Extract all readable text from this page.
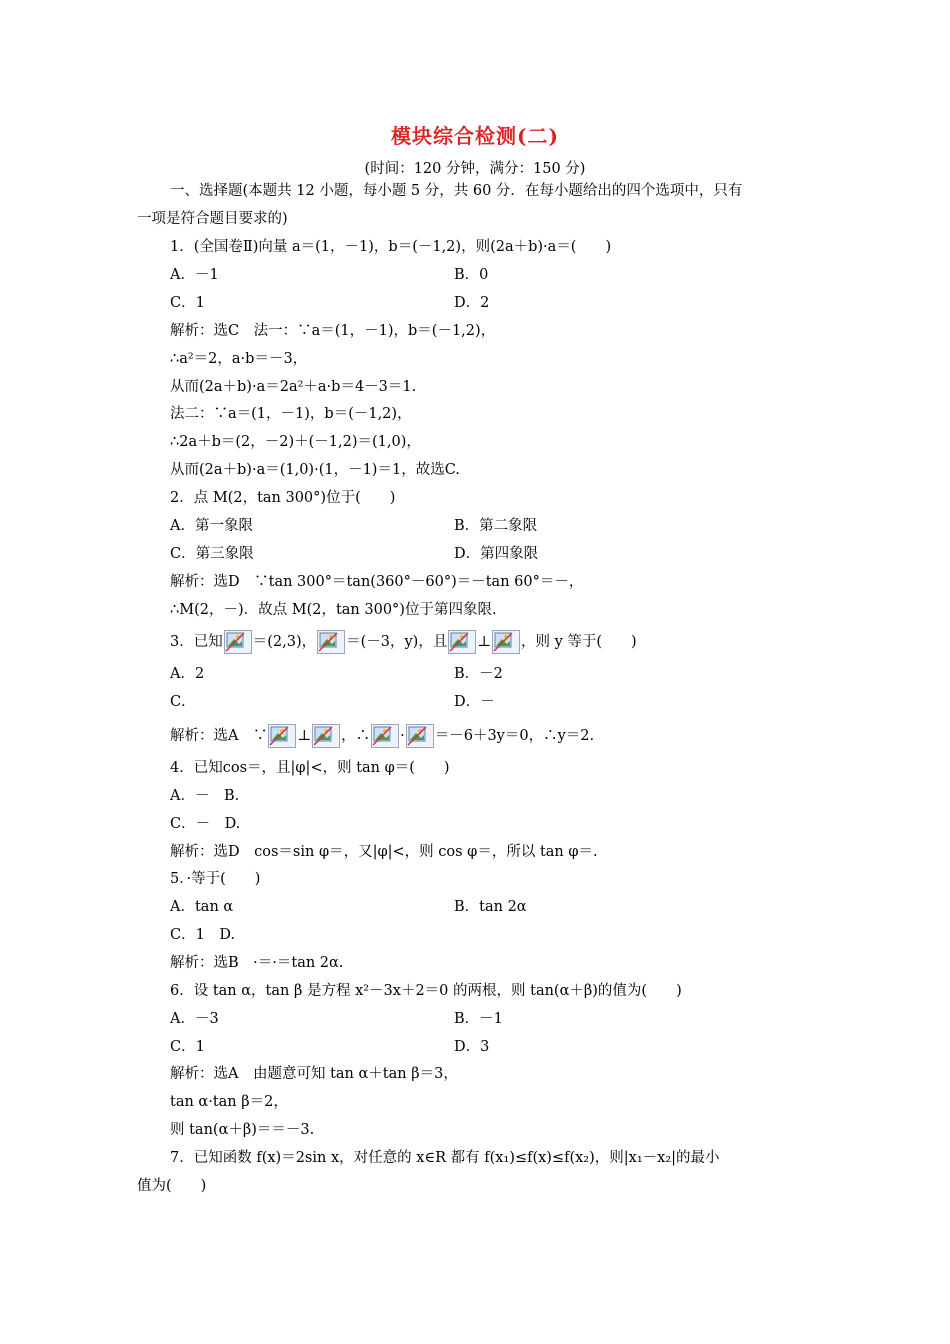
模块综合检测(二)
(时间：120 分钟，满分：150 分)
一、选择题(本题共 12 小题，每小题 5 分，共 60 分．在每小题给出的四个选项中，只有
一项是符合题目要求的)
1．(全国卷Ⅱ)向量 a＝(1，－1)，b＝(－1,2)，则(2a＋b)·a＝(　　)
A．－1	B．0
C．1	D．2
解析：选C　法一：∵a＝(1，－1)，b＝(－1,2)，
∴a²＝2，a·b＝－3，
从而(2a＋b)·a＝2a²＋a·b＝4－3＝1.
法二：∵a＝(1，－1)，b＝(－1,2)，
∴2a＋b＝(2，－2)＋(－1,2)＝(1,0)，
从而(2a＋b)·a＝(1,0)·(1，－1)＝1，故选C.
2．点 M(2，tan 300°)位于(　　)
A．第一象限	B．第二象限
C．第三象限	D．第四象限
解析：选D　∵tan 300°＝tan(360°－60°)＝－tan 60°＝－，
∴M(2，－)．故点 M(2，tan 300°)位于第四象限.
3．已知 ＝(2,3)， ＝(－3，y)，且 ⊥ ，则 y 等于(　　)
A．2	B．－2
C．	D．－
解析：选A　∵ ⊥ ，∴ · ＝－6＋3y＝0，∴y＝2.
4．已知cos＝，且|φ|<，则 tan φ＝(　　)
A．－　B.
C．－　D.
解析：选D　cos＝sin φ＝，又|φ|<，则 cos φ＝，所以 tan φ＝.
5．·等于(　　)
A．tan α	B．tan 2α
C．1　D.
解析：选B　·＝·＝tan 2α.
6．设 tan α，tan β 是方程 x²－3x＋2＝0 的两根，则 tan(α＋β)的值为(　　)
A．－3	B．－1
C．1	D．3
解析：选A　由题意可知 tan α＋tan β＝3，
tan α·tan β＝2，
则 tan(α＋β)＝＝－3.
7．已知函数 f(x)＝2sin x，对任意的 x∈R 都有 f(x₁)≤f(x)≤f(x₂)，则|x₁－x₂|的最小
值为(　　)
